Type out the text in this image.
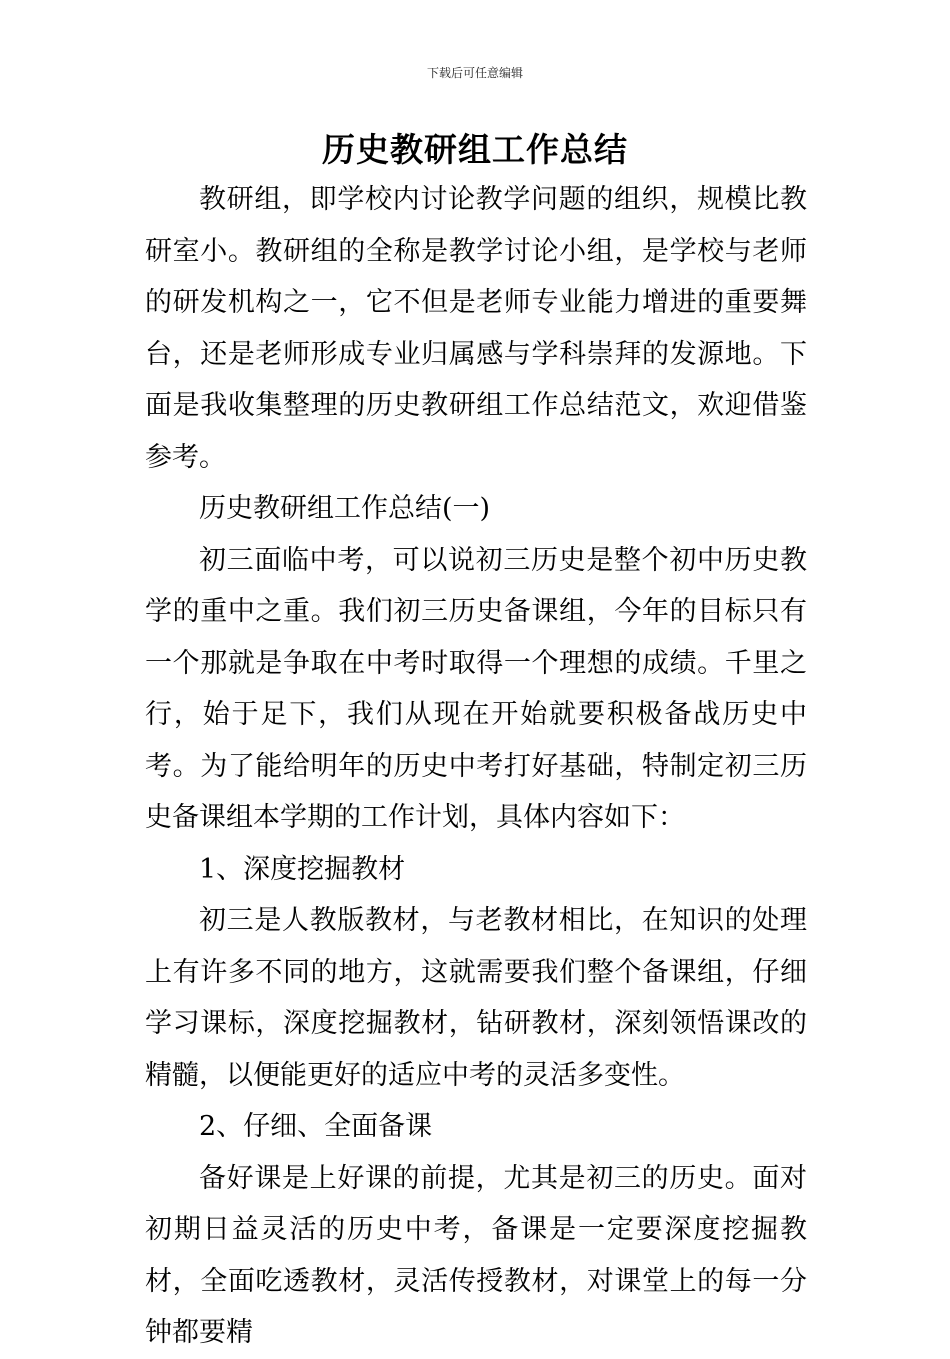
下载后可任意编辑
历史教研组工作总结

教研组，即学校内讨论教学问题的组织，规模比教研室小。教研组的全称是教学讨论小组，是学校与老师的研发机构之一，它不但是老师专业能力增进的重要舞台，还是老师形成专业归属感与学科崇拜的发源地。下面是我收集整理的历史教研组工作总结范文，欢迎借鉴参考。

历史教研组工作总结(一)

初三面临中考，可以说初三历史是整个初中历史教学的重中之重。我们初三历史备课组，今年的目标只有一个那就是争取在中考时取得一个理想的成绩。千里之行，始于足下，我们从现在开始就要积极备战历史中考。为了能给明年的历史中考打好基础，特制定初三历史备课组本学期的工作计划，具体内容如下：

1、深度挖掘教材

初三是人教版教材，与老教材相比，在知识的处理上有许多不同的地方，这就需要我们整个备课组，仔细学习课标，深度挖掘教材，钻研教材，深刻领悟课改的精髓，以便能更好的适应中考的灵活多变性。

2、仔细、全面备课

备好课是上好课的前提，尤其是初三的历史。面对初期日益灵活的历史中考，备课是一定要深度挖掘教材，全面吃透教材，灵活传授教材，对课堂上的每一分钟都要精
